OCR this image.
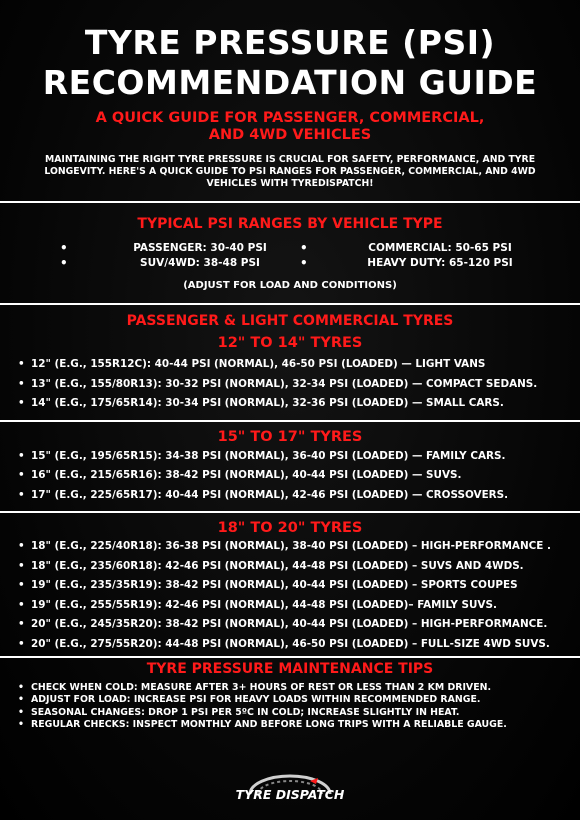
TYRE PRESSURE (PSI)
RECOMMENDATION GUIDE
A QUICK GUIDE FOR PASSENGER, COMMERCIAL,
AND 4WD VEHICLES
MAINTAINING THE RIGHT TYRE PRESSURE IS CRUCIAL FOR SAFETY, PERFORMANCE, AND TYRE LONGEVITY. HERE'S A QUICK GUIDE TO PSI RANGES FOR PASSENGER, COMMERCIAL, AND 4WD VEHICLES WITH TYREDISPATCH!
TYPICAL PSI RANGES BY VEHICLE TYPE
•	PASSENGER: 30-40 PSI	•	COMMERCIAL: 50-65 PSI
•	SUV/4WD: 38-48 PSI	•	HEAVY DUTY: 65-120 PSI
(ADJUST FOR LOAD AND CONDITIONS)
PASSENGER & LIGHT COMMERCIAL TYRES
12" TO 14" TYRES
• 12" (E.G., 155R12C): 40-44 PSI (NORMAL), 46-50 PSI (LOADED) — LIGHT VANS
• 13" (E.G., 155/80R13): 30-32 PSI (NORMAL), 32-34 PSI (LOADED) — COMPACT SEDANS.
• 14" (E.G., 175/65R14): 30-34 PSI (NORMAL), 32-36 PSI (LOADED) — SMALL CARS.
15" TO 17" TYRES
• 15" (E.G., 195/65R15): 34-38 PSI (NORMAL), 36-40 PSI (LOADED) — FAMILY CARS.
• 16" (E.G., 215/65R16): 38-42 PSI (NORMAL), 40-44 PSI (LOADED) — SUVS.
• 17" (E.G., 225/65R17): 40-44 PSI (NORMAL), 42-46 PSI (LOADED) — CROSSOVERS.
18" TO 20" TYRES
• 18" (E.G., 225/40R18): 36-38 PSI (NORMAL), 38-40 PSI (LOADED) – HIGH-PERFORMANCE .
• 18" (E.G., 235/60R18): 42-46 PSI (NORMAL), 44-48 PSI (LOADED) – SUVS AND 4WDS.
• 19" (E.G., 235/35R19): 38-42 PSI (NORMAL), 40-44 PSI (LOADED) – SPORTS COUPES
• 19" (E.G., 255/55R19): 42-46 PSI (NORMAL), 44-48 PSI (LOADED)– FAMILY SUVS.
• 20" (E.G., 245/35R20): 38-42 PSI (NORMAL), 40-44 PSI (LOADED) – HIGH-PERFORMANCE.
• 20" (E.G., 275/55R20): 44-48 PSI (NORMAL), 46-50 PSI (LOADED) – FULL-SIZE 4WD SUVS.
TYRE PRESSURE MAINTENANCE TIPS
• CHECK WHEN COLD: MEASURE AFTER 3+ HOURS OF REST OR LESS THAN 2 KM DRIVEN.
• ADJUST FOR LOAD: INCREASE PSI FOR HEAVY LOADS WITHIN RECOMMENDED RANGE.
• SEASONAL CHANGES: DROP 1 PSI PER 5ºC IN COLD; INCREASE SLIGHTLY IN HEAT.
• REGULAR CHECKS: INSPECT MONTHLY AND BEFORE LONG TRIPS WITH A RELIABLE GAUGE.
TYRE DISPATCH
